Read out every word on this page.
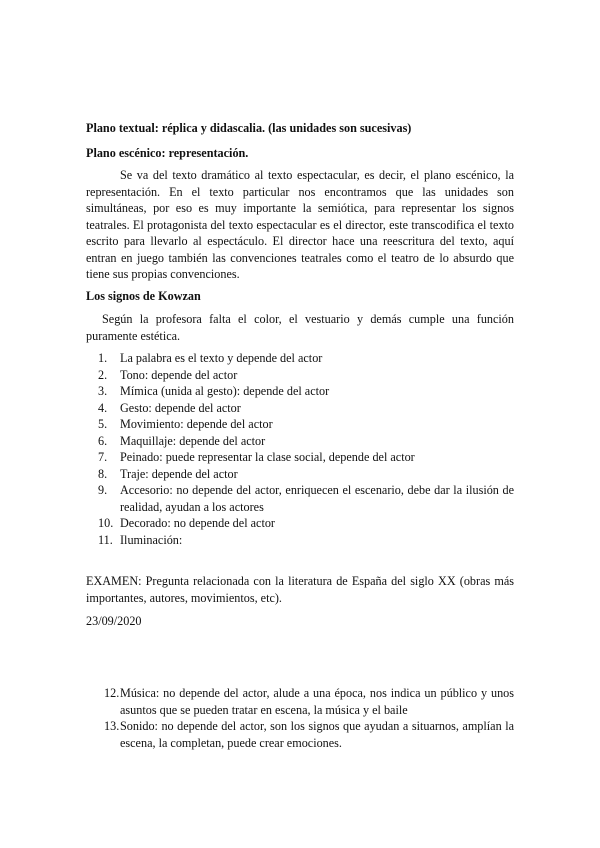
Plano textual: réplica y didascalia. (las unidades son sucesivas)

Plano escénico: representación.

Se va del texto dramático al texto espectacular, es decir, el plano escénico, la representación. En el texto particular nos encontramos que las unidades son simultáneas, por eso es muy importante la semiótica, para representar los signos teatrales. El protagonista del texto espectacular es el director, este transcodifica el texto escrito para llevarlo al espectáculo. El director hace una reescritura del texto, aquí entran en juego también las convenciones teatrales como el teatro de lo absurdo que tiene sus propias convenciones.

Los signos de Kowzan

Según la profesora falta el color, el vestuario y demás cumple una función puramente estética.

1.	La palabra es el texto y depende del actor
2.	Tono: depende del actor
3.	Mímica (unida al gesto): depende del actor
4.	Gesto: depende del actor
5.	Movimiento: depende del actor
6.	Maquillaje: depende del actor
7.	Peinado: puede representar la clase social, depende del actor
8.	Traje: depende del actor
9.	Accesorio: no depende del actor, enriquecen el escenario, debe dar la ilusión de realidad, ayudan a los actores
10. Decorado: no depende del actor
11. Iluminación:

EXAMEN: Pregunta relacionada con la literatura de España del siglo XX (obras más importantes, autores, movimientos, etc).

23/09/2020

12. Música: no depende del actor, alude a una época, nos indica un público y unos asuntos que se pueden tratar en escena, la música y el baile
13. Sonido: no depende del actor, son los signos que ayudan a situarnos, amplían la escena, la completan, puede crear emociones.
